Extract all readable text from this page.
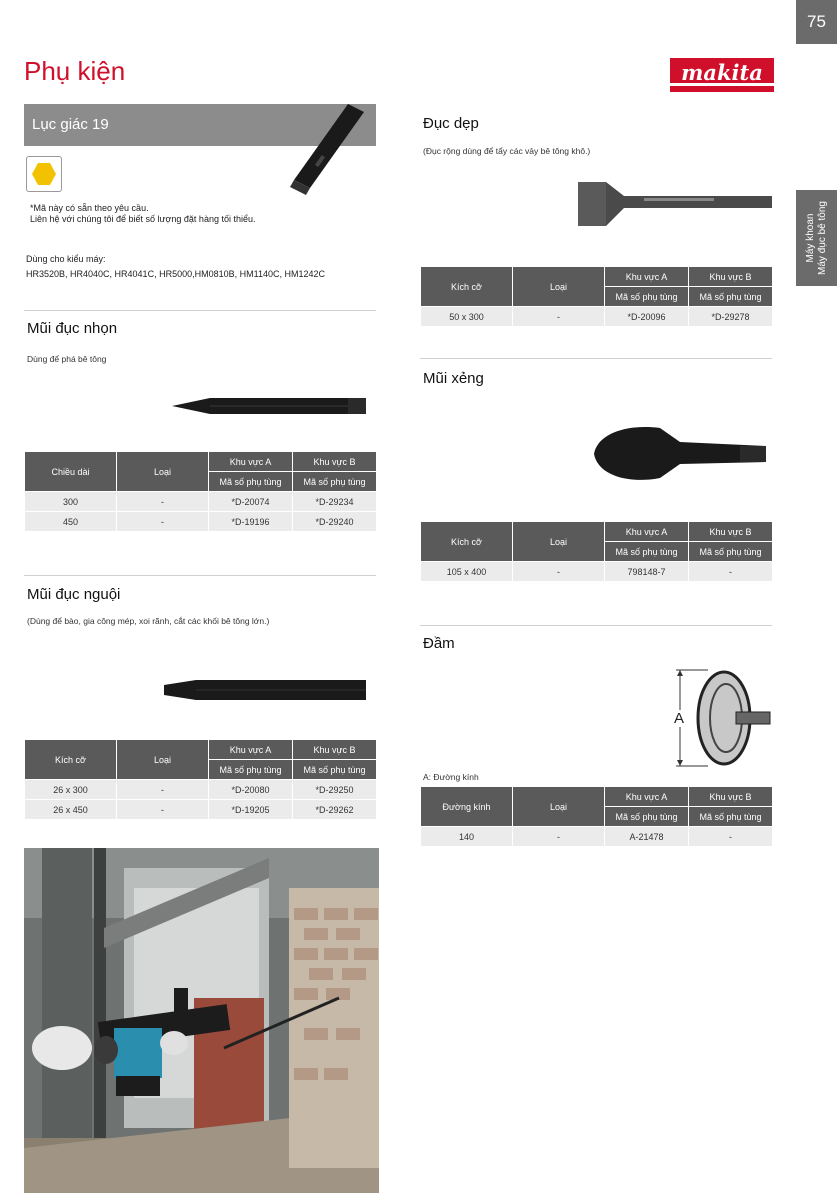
75
Máy khoan Máy đục bê tông
Phụ kiện	makita
Lục giác 19
*Mã này có sẵn theo yêu cầu.
Liên hệ với chúng tôi để biết số lượng đặt hàng tối thiểu.
Dùng cho kiểu máy:
HR3520B, HR4040C, HR4041C, HR5000,HM0810B, HM1140C, HM1242C
Mũi đục nhọn
Dùng để phá bê tông
Chiều dài	Loại	Khu vực A	Khu vực B
		Mã số phụ tùng	Mã số phụ tùng
300	-	*D-20074	*D-29234
450	-	*D-19196	*D-29240
Mũi đục nguội
(Dùng để bào, gia công mép, xoi rãnh, cắt các khối bê tông lớn.)
Kích cỡ	Loại	Khu vực A	Khu vực B
		Mã số phụ tùng	Mã số phụ tùng
26 x 300	-	*D-20080	*D-29250
26 x 450	-	*D-19205	*D-29262
Đục dẹp
(Đục rộng dùng để tẩy các vảy bê tông khô.)
Kích cỡ	Loại	Khu vực A	Khu vực B
		Mã số phụ tùng	Mã số phụ tùng
50 x 300	-	*D-20096	*D-29278
Mũi xẻng
Kích cỡ	Loại	Khu vực A	Khu vực B
		Mã số phụ tùng	Mã số phụ tùng
105 x 400	-	798148-7	-
Đầm
A
A: Đường kính
Đường kính	Loại	Khu vực A	Khu vực B
		Mã số phụ tùng	Mã số phụ tùng
140	-	A-21478	-
